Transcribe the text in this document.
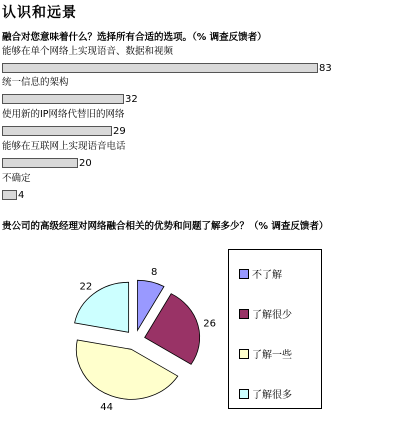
认识和远景
融合对您意味着什么？选择所有合适的选项。（% 调查反馈者）
能够在单个网络上实现语音、数据和视频
83
统一信息的架构
32
使用新的IP网络代替旧的网络
29
能够在互联网上实现语音电话
20
不确定
4
贵公司的高级经理对网络融合相关的优势和问题了解多少？（% 调查反馈者）
8
26
44
22
不了解
了解很少
了解一些
了解很多
